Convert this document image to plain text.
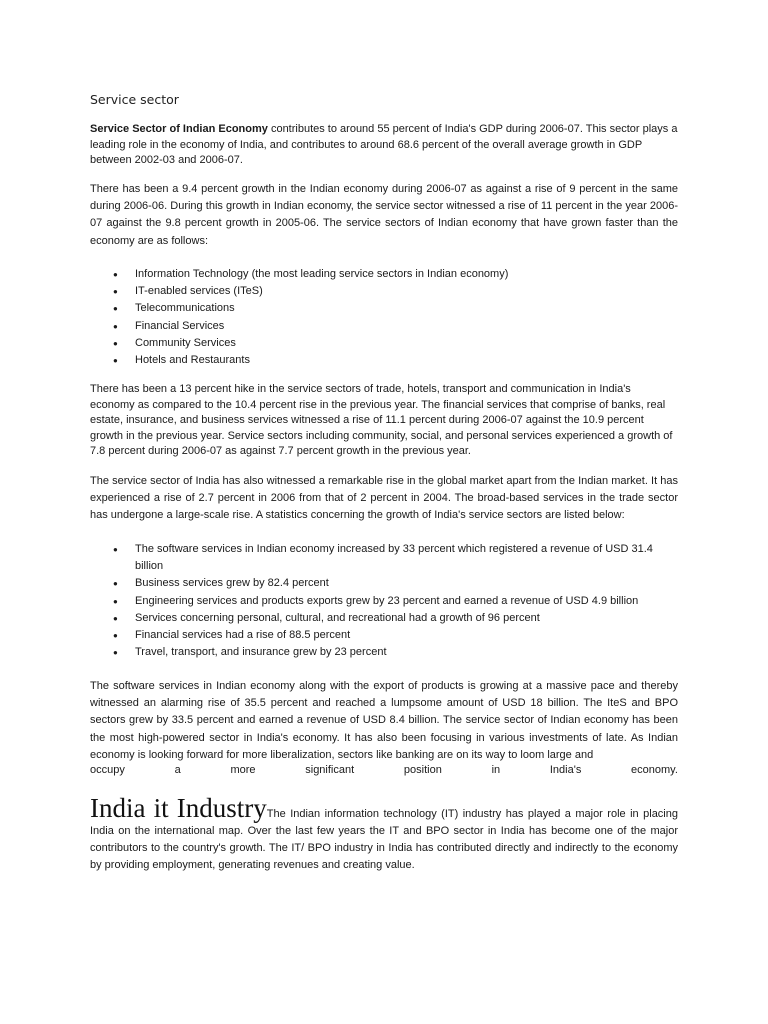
Service sector

Service Sector of Indian Economy contributes to around 55 percent of India's GDP during 2006-07. This sector plays a leading role in the economy of India, and contributes to around 68.6 percent of the overall average growth in GDP between 2002-03 and 2006-07.

There has been a 9.4 percent growth in the Indian economy during 2006-07 as against a rise of 9 percent in the same during 2006-06. During this growth in Indian economy, the service sector witnessed a rise of 11 percent in the year 2006-07 against the 9.8 percent growth in 2005-06. The service sectors of Indian economy that have grown faster than the economy are as follows:

● Information Technology (the most leading service sectors in Indian economy)
● IT-enabled services (ITeS)
● Telecommunications
● Financial Services
● Community Services
● Hotels and Restaurants

There has been a 13 percent hike in the service sectors of trade, hotels, transport and communication in India's economy as compared to the 10.4 percent rise in the previous year. The financial services that comprise of banks, real estate, insurance, and business services witnessed a rise of 11.1 percent during 2006-07 against the 10.9 percent growth in the previous year. Service sectors including community, social, and personal services experienced a growth of 7.8 percent during 2006-07 as against 7.7 percent growth in the previous year.

The service sector of India has also witnessed a remarkable rise in the global market apart from the Indian market. It has experienced a rise of 2.7 percent in 2006 from that of 2 percent in 2004. The broad-based services in the trade sector has undergone a large-scale rise. A statistics concerning the growth of India's service sectors are listed below:

● The software services in Indian economy increased by 33 percent which registered a revenue of USD 31.4 billion
● Business services grew by 82.4 percent
● Engineering services and products exports grew by 23 percent and earned a revenue of USD 4.9 billion
● Services concerning personal, cultural, and recreational had a growth of 96 percent
● Financial services had a rise of 88.5 percent
● Travel, transport, and insurance grew by 23 percent

The software services in Indian economy along with the export of products is growing at a massive pace and thereby witnessed an alarming rise of 35.5 percent and reached a lumpsome amount of USD 18 billion. The IteS and BPO sectors grew by 33.5 percent and earned a revenue of USD 8.4 billion. The service sector of Indian economy has been the most high-powered sector in India's economy. It has also been focusing in various investments of late. As Indian economy is looking forward for more liberalization, sectors like banking are on its way to loom large and

occupy	a	more	significant	position	in	India's	economy.

India it IndustryThe Indian information technology (IT) industry has played a major role in placing India on the international map. Over the last few years the IT and BPO sector in India has become one of the major contributors to the country's growth. The IT/ BPO industry in India has contributed directly and indirectly to the economy by providing employment, generating revenues and creating value.
